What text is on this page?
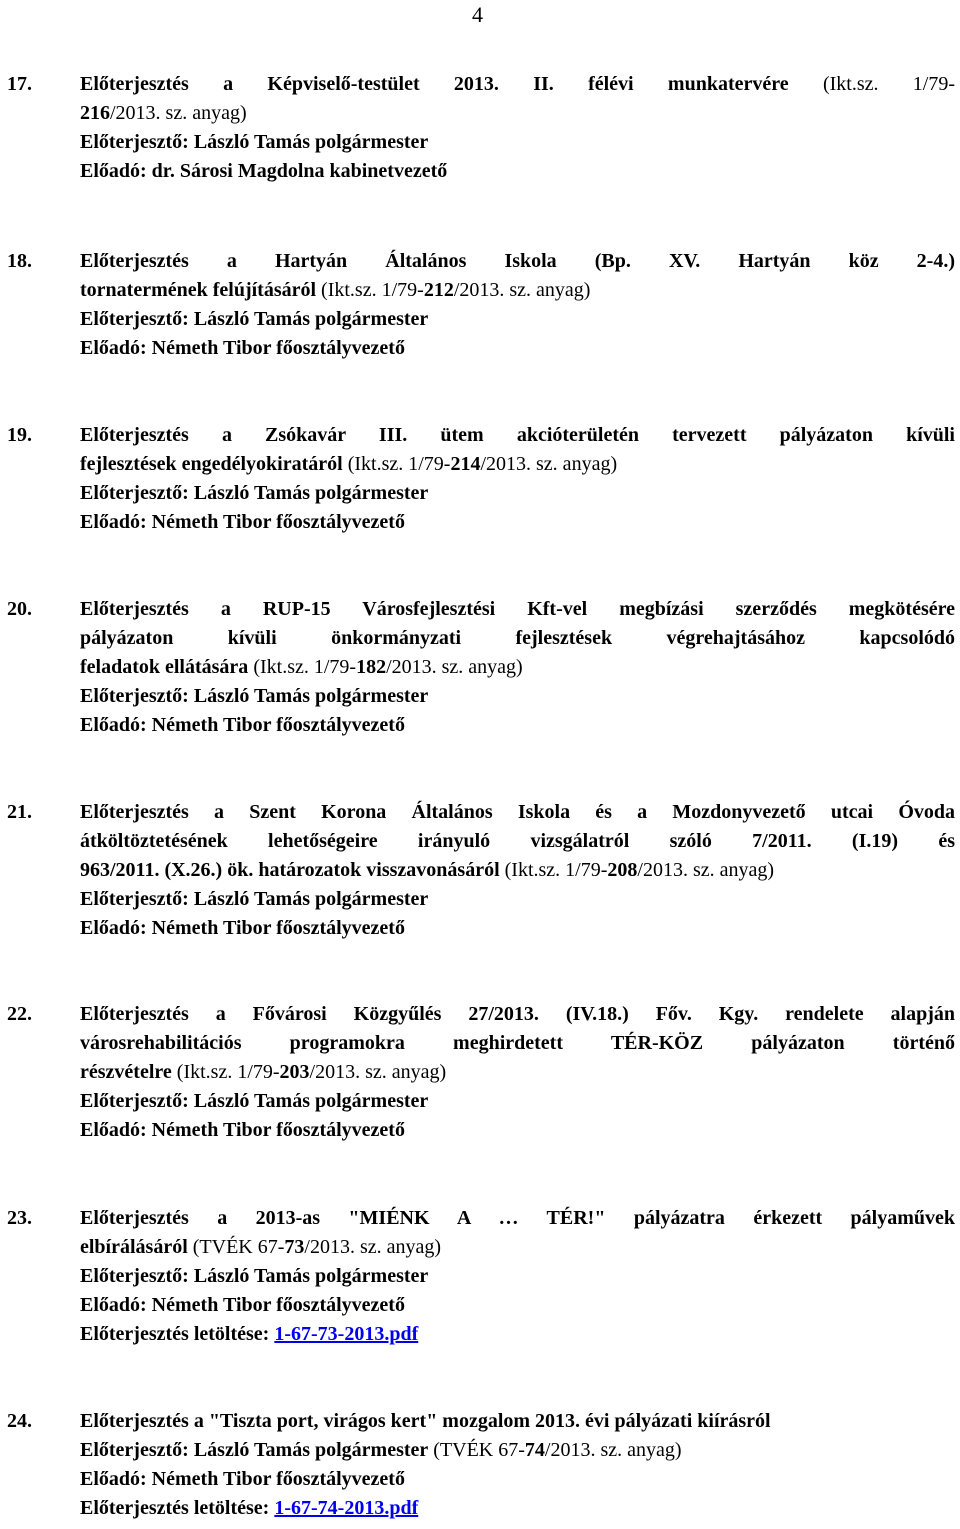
4
17. Előterjesztés a Képviselő-testület 2013. II. félévi munkatervére (Ikt.sz. 1/79-
216/2013. sz. anyag)
Előterjesztő: László Tamás polgármester
Előadó: dr. Sárosi Magdolna kabinetvezető
18. Előterjesztés a Hartyán Általános Iskola (Bp. XV. Hartyán köz 2-4.)
tornatermének felújításáról (Ikt.sz. 1/79-212/2013. sz. anyag)
Előterjesztő: László Tamás polgármester
Előadó: Németh Tibor főosztályvezető
19. Előterjesztés a Zsókavár III. ütem akcióterületén tervezett pályázaton kívüli
fejlesztések engedélyokiratáról (Ikt.sz. 1/79-214/2013. sz. anyag)
Előterjesztő: László Tamás polgármester
Előadó: Németh Tibor főosztályvezető
20. Előterjesztés a RUP-15 Városfejlesztési Kft-vel megbízási szerződés megkötésére
pályázaton kívüli önkormányzati fejlesztések végrehajtásához kapcsolódó
feladatok ellátására (Ikt.sz. 1/79-182/2013. sz. anyag)
Előterjesztő: László Tamás polgármester
Előadó: Németh Tibor főosztályvezető
21. Előterjesztés a Szent Korona Általános Iskola és a Mozdonyvezető utcai Óvoda
átköltöztetésének lehetőségeire irányuló vizsgálatról szóló 7/2011. (I.19) és
963/2011. (X.26.) ök. határozatok visszavonásáról (Ikt.sz. 1/79-208/2013. sz. anyag)
Előterjesztő: László Tamás polgármester
Előadó: Németh Tibor főosztályvezető
22. Előterjesztés a Fővárosi Közgyűlés 27/2013. (IV.18.) Főv. Kgy. rendelete alapján
városrehabilitációs programokra meghirdetett TÉR-KÖZ pályázaton történő
részvételre (Ikt.sz. 1/79-203/2013. sz. anyag)
Előterjesztő: László Tamás polgármester
Előadó: Németh Tibor főosztályvezető
23. Előterjesztés a 2013-as "MIÉNK A … TÉR!" pályázatra érkezett pályaművek
elbírálásáról (TVÉK 67-73/2013. sz. anyag)
Előterjesztő: László Tamás polgármester
Előadó: Németh Tibor főosztályvezető
Előterjesztés letöltése: 1-67-73-2013.pdf
24. Előterjesztés a "Tiszta port, virágos kert" mozgalom 2013. évi pályázati kiírásról
Előterjesztő: László Tamás polgármester (TVÉK 67-74/2013. sz. anyag)
Előadó: Németh Tibor főosztályvezető
Előterjesztés letöltése: 1-67-74-2013.pdf
